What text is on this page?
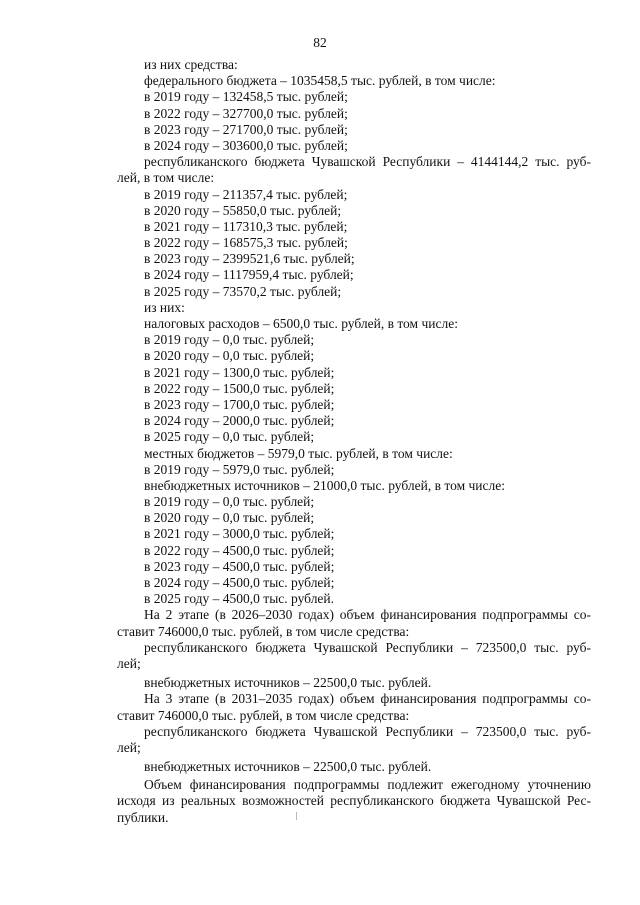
82
из них средства:
федерального бюджета – 1035458,5 тыс. рублей, в том числе:
в 2019 году – 132458,5 тыс. рублей;
в 2022 году – 327700,0 тыс. рублей;
в 2023 году – 271700,0 тыс. рублей;
в 2024 году – 303600,0 тыс. рублей;
республиканского бюджета Чувашской Республики – 4144144,2 тыс. руб-
лей, в том числе:
в 2019 году – 211357,4 тыс. рублей;
в 2020 году – 55850,0 тыс. рублей;
в 2021 году – 117310,3 тыс. рублей;
в 2022 году – 168575,3 тыс. рублей;
в 2023 году – 2399521,6 тыс. рублей;
в 2024 году – 1117959,4 тыс. рублей;
в 2025 году – 73570,2 тыс. рублей;
из них:
налоговых расходов – 6500,0 тыс. рублей, в том числе:
в 2019 году – 0,0 тыс. рублей;
в 2020 году – 0,0 тыс. рублей;
в 2021 году – 1300,0 тыс. рублей;
в 2022 году – 1500,0 тыс. рублей;
в 2023 году – 1700,0 тыс. рублей;
в 2024 году – 2000,0 тыс. рублей;
в 2025 году – 0,0 тыс. рублей;
местных бюджетов – 5979,0 тыс. рублей, в том числе:
в 2019 году – 5979,0 тыс. рублей;
внебюджетных источников – 21000,0 тыс. рублей, в том числе:
в 2019 году – 0,0 тыс. рублей;
в 2020 году – 0,0 тыс. рублей;
в 2021 году – 3000,0 тыс. рублей;
в 2022 году – 4500,0 тыс. рублей;
в 2023 году – 4500,0 тыс. рублей;
в 2024 году – 4500,0 тыс. рублей;
в 2025 году – 4500,0 тыс. рублей.
На 2 этапе (в 2026–2030 годах) объем финансирования подпрограммы со-
ставит 746000,0 тыс. рублей, в том числе средства:
республиканского бюджета Чувашской Республики – 723500,0 тыс. руб-
лей;
внебюджетных источников – 22500,0 тыс. рублей.
На 3 этапе (в 2031–2035 годах) объем финансирования подпрограммы со-
ставит 746000,0 тыс. рублей, в том числе средства:
республиканского бюджета Чувашской Республики – 723500,0 тыс. руб-
лей;
внебюджетных источников – 22500,0 тыс. рублей.
Объем финансирования подпрограммы подлежит ежегодному уточнению
исходя из реальных возможностей республиканского бюджета Чувашской Рес-
публики.
